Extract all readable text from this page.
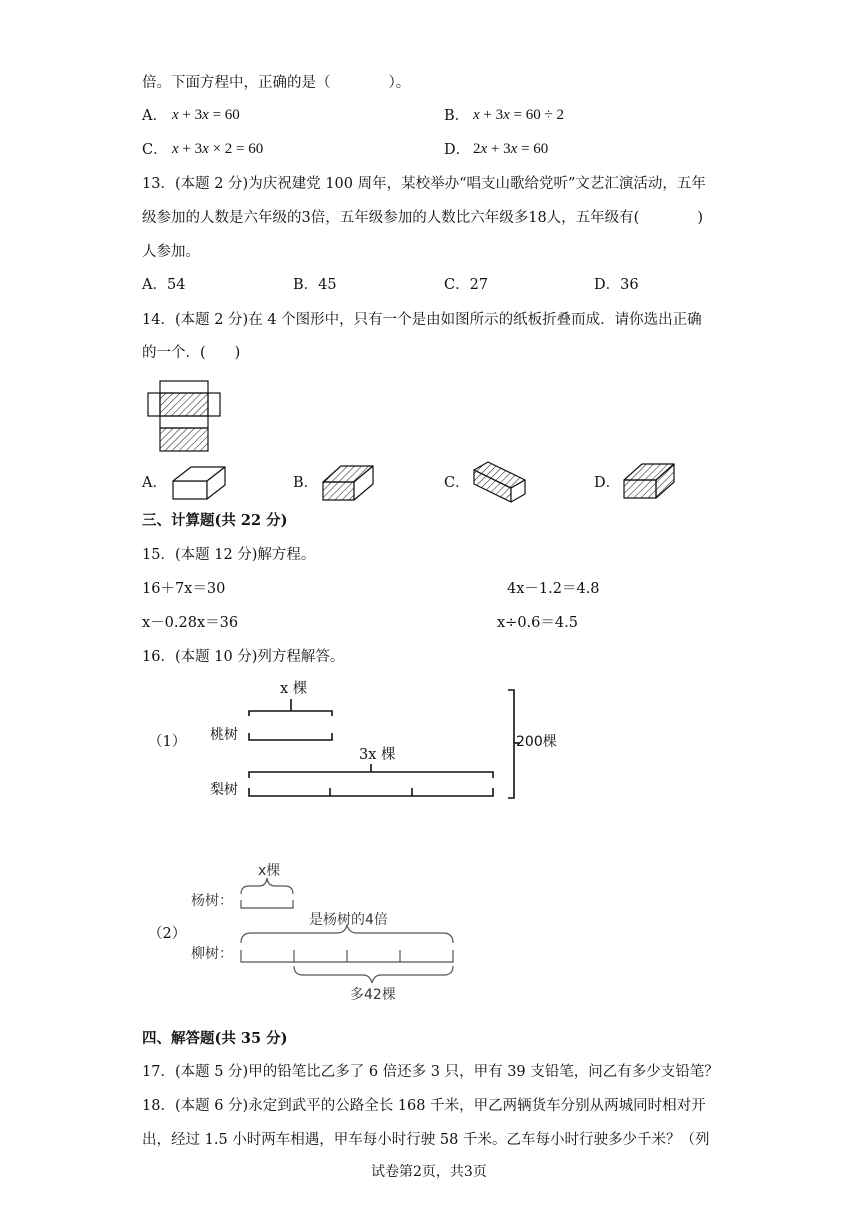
倍。下面方程中，正确的是（　　　　）。
A． x + 3x = 60	B． x + 3x = 60 ÷ 2
C． x + 3x × 2 = 60	D． 2x + 3x = 60
13．(本题 2 分)为庆祝建党 100 周年，某校举办“唱支山歌给党听”文艺汇演活动，五年
级参加的人数是六年级的3倍，五年级参加的人数比六年级多18人，五年级有(　　　　)
人参加。
A．54	B．45	C．27	D．36
14．(本题 2 分)在 4 个图形中，只有一个是由如图所示的纸板折叠而成．请你选出正确
的一个．(　　)
A．	B．	C．	D．
三、计算题(共 22 分)
15．(本题 12 分)解方程。
16＋7x＝30	4x－1.2＝4.8
x－0.28x＝36	x÷0.6＝4.5
16．(本题 10 分)列方程解答。
（1）
x 棵
桃树
3x 棵
梨树
200棵
（2）
x棵
杨树：
是杨树的4倍
柳树：
多42棵
四、解答题(共 35 分)
17．(本题 5 分)甲的铅笔比乙多了 6 倍还多 3 只，甲有 39 支铅笔，问乙有多少支铅笔？
18．(本题 6 分)永定到武平的公路全长 168 千米，甲乙两辆货车分别从两城同时相对开
出，经过 1.5 小时两车相遇，甲车每小时行驶 58 千米。乙车每小时行驶多少千米？（列
试卷第2页，共3页
